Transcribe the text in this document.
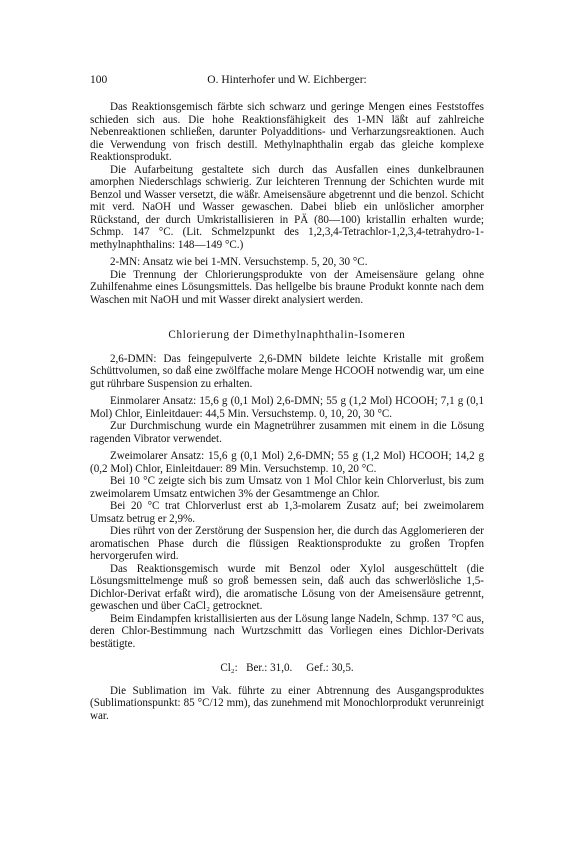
100	O. Hinterhofer und W. Eichberger:

Das Reaktionsgemisch färbte sich schwarz und geringe Mengen eines Feststoffes schieden sich aus. Die hohe Reaktionsfähigkeit des 1-MN läßt auf zahlreiche Nebenreaktionen schließen, darunter Polyadditions- und Verharzungsreaktionen. Auch die Verwendung von frisch destill. Methylnaphthalin ergab das gleiche komplexe Reaktionsprodukt.

Die Aufarbeitung gestaltete sich durch das Ausfallen eines dunkelbraunen amorphen Niederschlags schwierig. Zur leichteren Trennung der Schichten wurde mit Benzol und Wasser versetzt, die wäßr. Ameisensäure abgetrennt und die benzol. Schicht mit verd. NaOH und Wasser gewaschen. Dabei blieb ein unlöslicher amorpher Rückstand, der durch Umkristallisieren in PÄ (80—100) kristallin erhalten wurde; Schmp. 147 °C. (Lit. Schmelzpunkt des 1,2,3,4-Tetrachlor-1,2,3,4-tetrahydro-1-methylnaphthalins: 148—149 °C.)

2-MN: Ansatz wie bei 1-MN. Versuchstemp. 5, 20, 30 °C.

Die Trennung der Chlorierungsprodukte von der Ameisensäure gelang ohne Zuhilfenahme eines Lösungsmittels. Das hellgelbe bis braune Produkt konnte nach dem Waschen mit NaOH und mit Wasser direkt analysiert werden.

Chlorierung der Dimethylnaphthalin-Isomeren

2,6-DMN: Das feingepulverte 2,6-DMN bildete leichte Kristalle mit großem Schüttvolumen, so daß eine zwölffache molare Menge HCOOH notwendig war, um eine gut rührbare Suspension zu erhalten.

Einmolarer Ansatz: 15,6 g (0,1 Mol) 2,6-DMN; 55 g (1,2 Mol) HCOOH; 7,1 g (0,1 Mol) Chlor, Einleitdauer: 44,5 Min. Versuchstemp. 0, 10, 20, 30 °C.

Zur Durchmischung wurde ein Magnetrührer zusammen mit einem in die Lösung ragenden Vibrator verwendet.

Zweimolarer Ansatz: 15,6 g (0,1 Mol) 2,6-DMN; 55 g (1,2 Mol) HCOOH; 14,2 g (0,2 Mol) Chlor, Einleitdauer: 89 Min. Versuchstemp. 10, 20 °C.

Bei 10 °C zeigte sich bis zum Umsatz von 1 Mol Chlor kein Chlorverlust, bis zum zweimolarem Umsatz entwichen 3% der Gesamtmenge an Chlor.

Bei 20 °C trat Chlorverlust erst ab 1,3-molarem Zusatz auf; bei zweimolarem Umsatz betrug er 2,9%.

Dies rührt von der Zerstörung der Suspension her, die durch das Agglomerieren der aromatischen Phase durch die flüssigen Reaktionsprodukte zu großen Tropfen hervorgerufen wird.

Das Reaktionsgemisch wurde mit Benzol oder Xylol ausgeschüttelt (die Lösungsmittelmenge muß so groß bemessen sein, daß auch das schwerlösliche 1,5-Dichlor-Derivat erfaßt wird), die aromatische Lösung von der Ameisensäure getrennt, gewaschen und über CaCl₂ getrocknet.

Beim Eindampfen kristallisierten aus der Lösung lange Nadeln, Schmp. 137 °C aus, deren Chlor-Bestimmung nach Wurtzschmitt das Vorliegen eines Dichlor-Derivats bestätigte.

Cl₂: Ber.: 31,0. Gef.: 30,5.

Die Sublimation im Vak. führte zu einer Abtrennung des Ausgangsproduktes (Sublimationspunkt: 85 °C/12 mm), das zunehmend mit Monochlorprodukt verunreinigt war.
